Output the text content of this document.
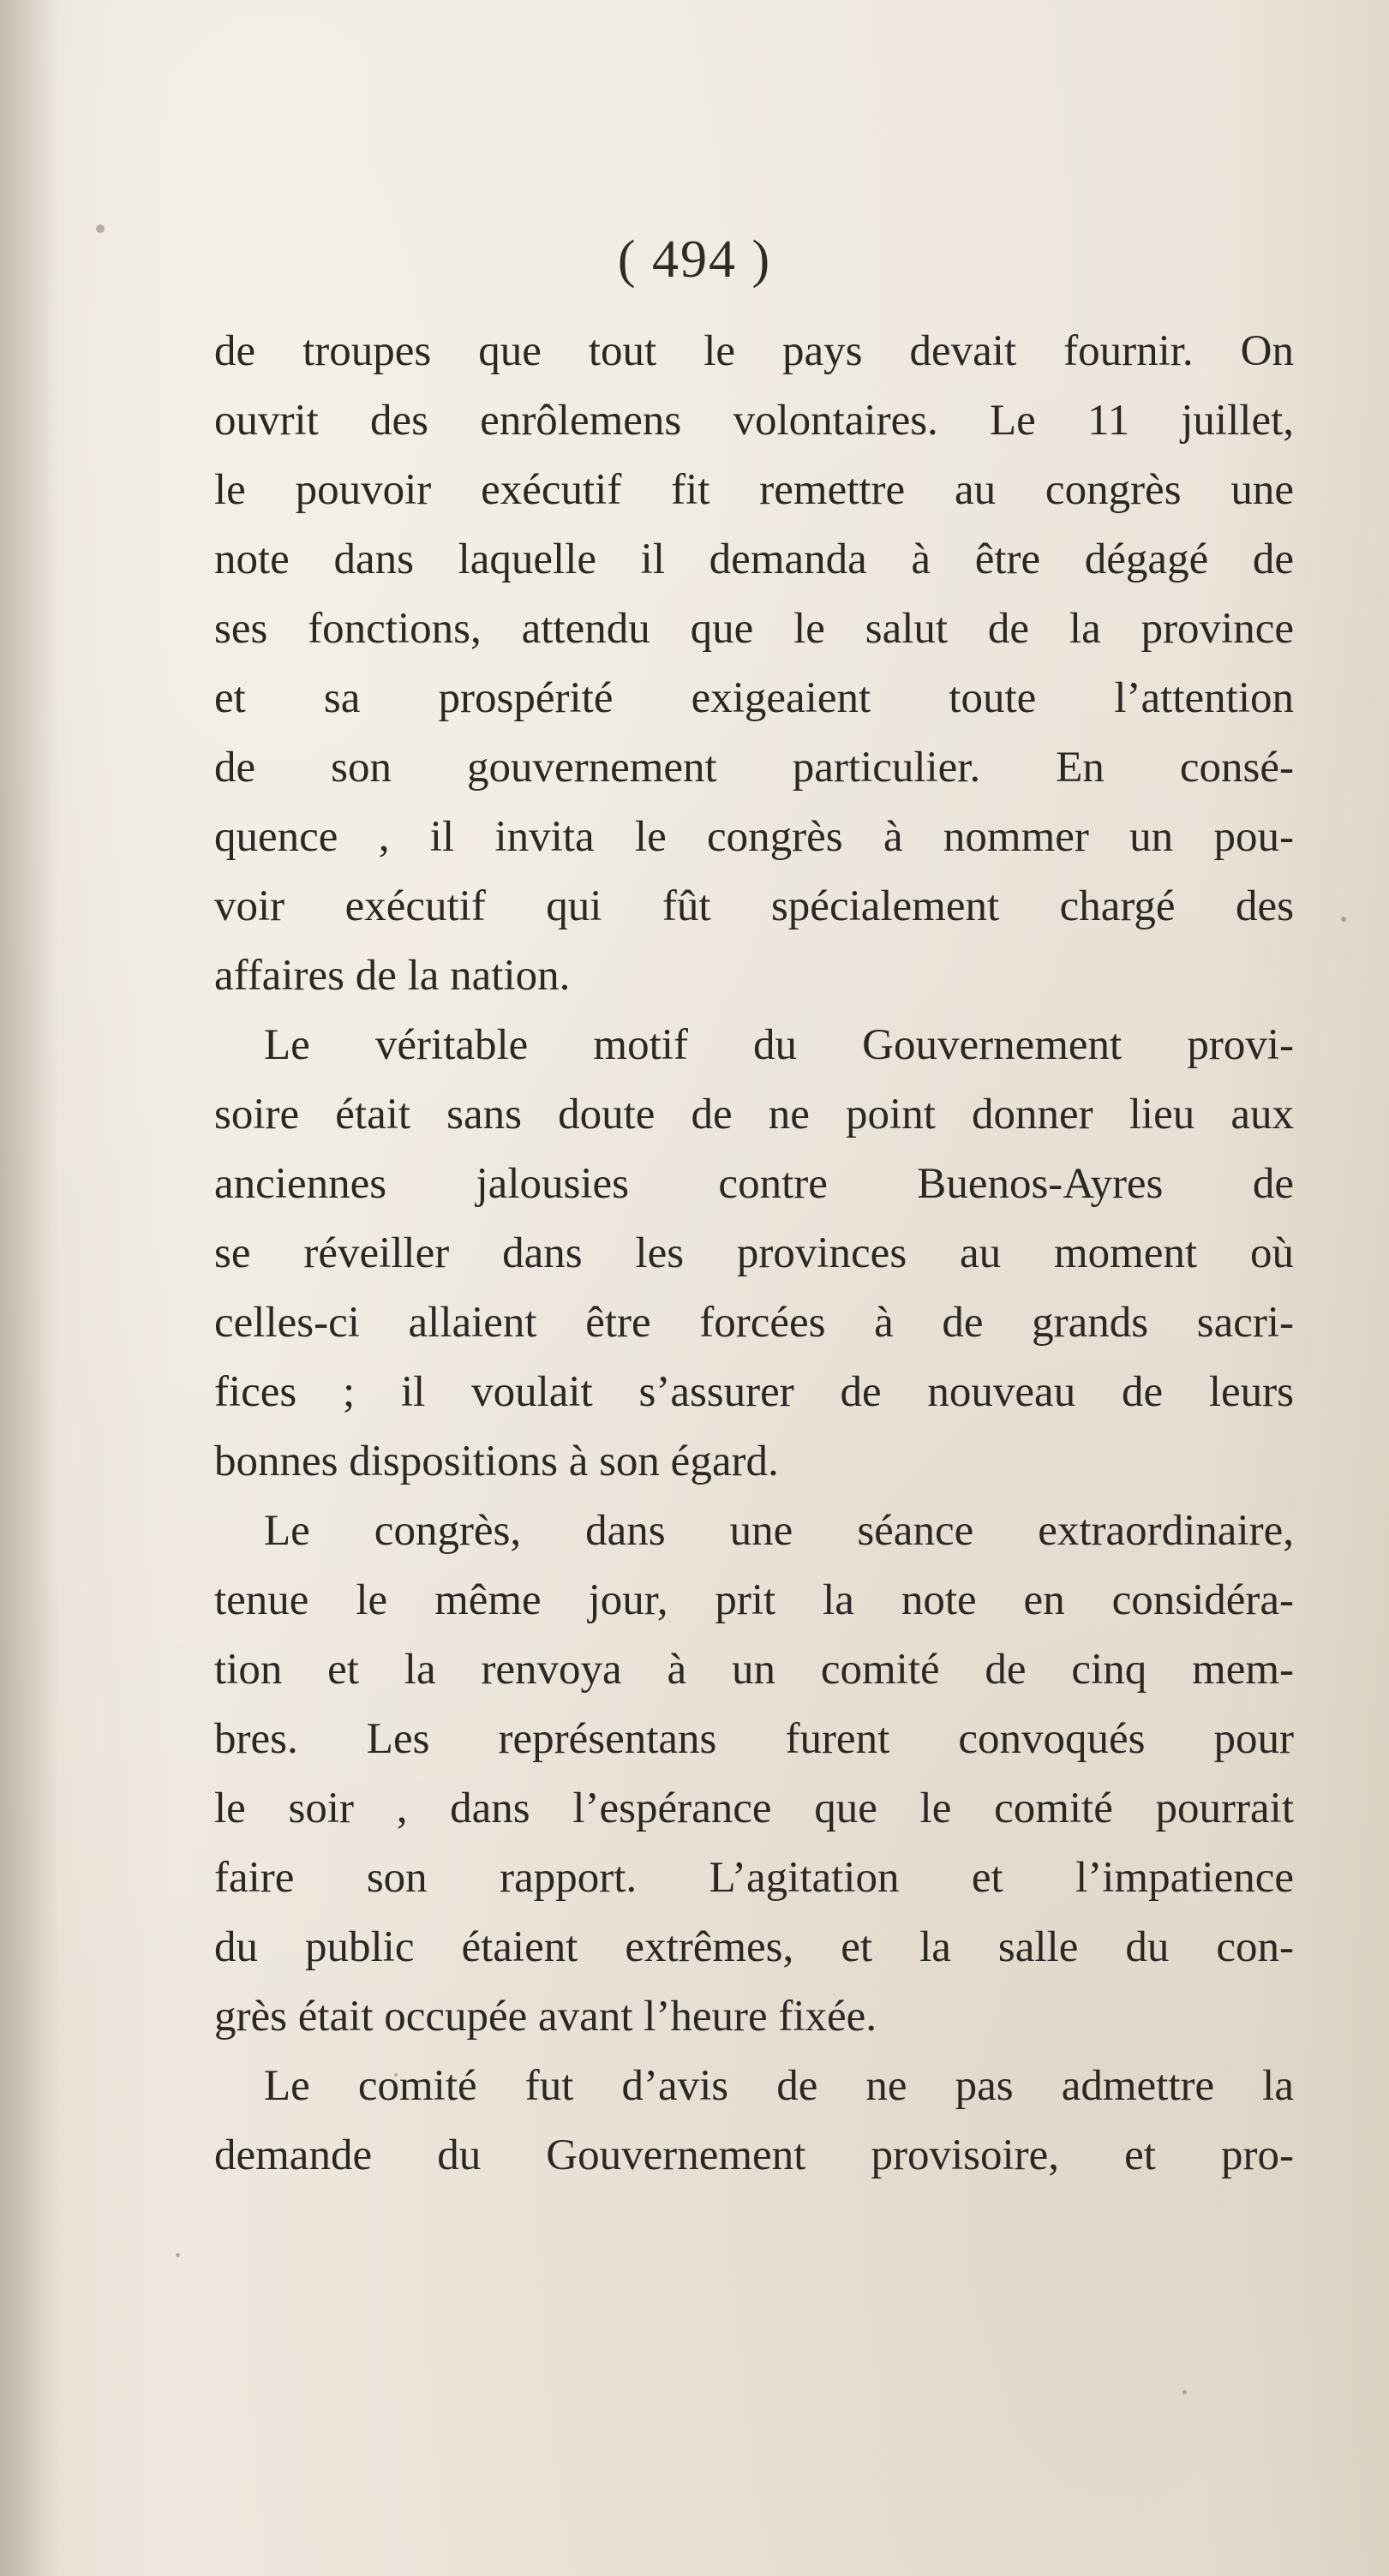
( 494 )
de troupes que tout le pays devait fournir. On
ouvrit des enrôlemens volontaires. Le 11 juillet,
le pouvoir exécutif fit remettre au congrès une
note dans laquelle il demanda à être dégagé de
ses fonctions, attendu que le salut de la province
et sa prospérité exigeaient toute l’attention
de son gouvernement particulier. En consé-
quence , il invita le congrès à nommer un pou-
voir exécutif qui fût spécialement chargé des
affaires de la nation.
Le véritable motif du Gouvernement provi-
soire était sans doute de ne point donner lieu aux
anciennes jalousies contre Buenos-Ayres de
se réveiller dans les provinces au moment où
celles-ci allaient être forcées à de grands sacri-
fices ; il voulait s’assurer de nouveau de leurs
bonnes dispositions à son égard.
Le congrès, dans une séance extraordinaire,
tenue le même jour, prit la note en considéra-
tion et la renvoya à un comité de cinq mem-
bres. Les représentans furent convoqués pour
le soir , dans l’espérance que le comité pourrait
faire son rapport. L’agitation et l’impatience
du public étaient extrêmes, et la salle du con-
grès était occupée avant l’heure fixée.
Le comité fut d’avis de ne pas admettre la
demande du Gouvernement provisoire, et pro-
